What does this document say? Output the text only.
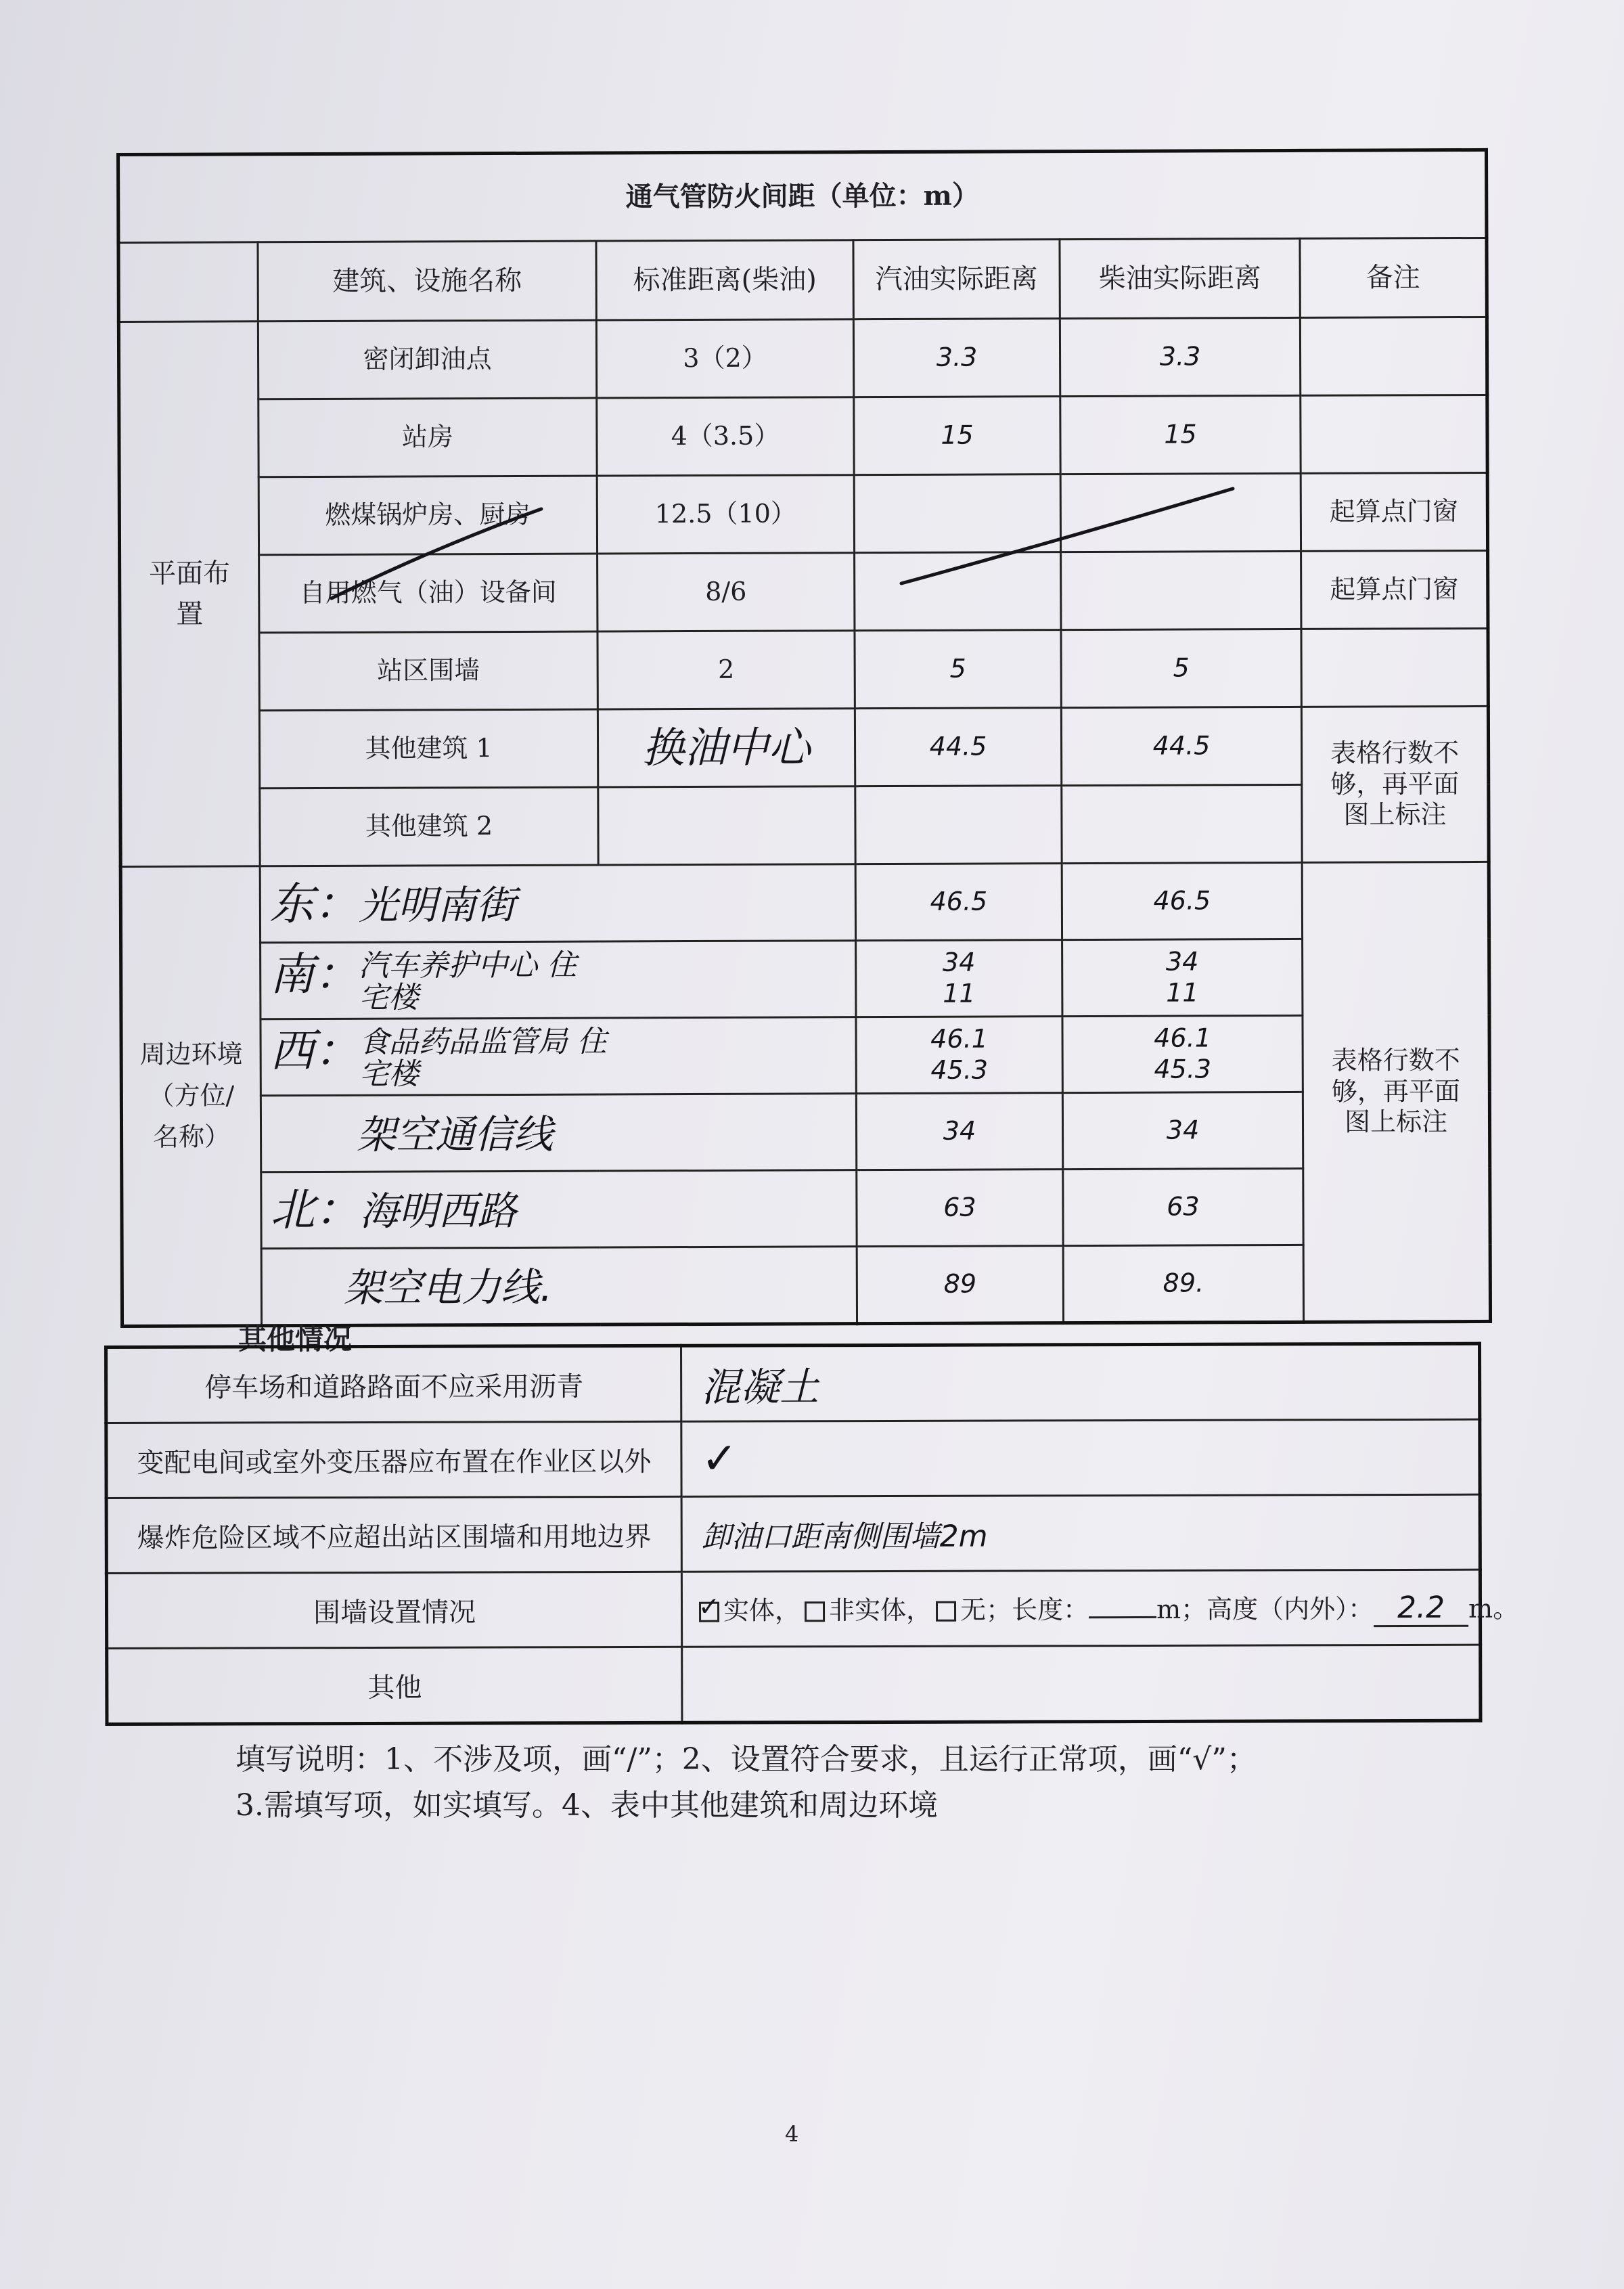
通气管防火间距（单位：m）					
	建筑、设施名称	标准距离(柴油)	汽油实际距离	柴油实际距离	备注
平面布置	密闭卸油点	3（2）	3.3	3.3	
	站房	4（3.5）	15	15	
	燃煤锅炉房、厨房	12.5（10）			起算点门窗
	自用燃气（油）设备间	8/6			起算点门窗
	站区围墙	2	5	5	
	其他建筑 1	换油中心	44.5	44.5	表格行数不够，再平面图上标注
	其他建筑 2				
周边环境（方位/名称）	东：光明南街		46.5	46.5	表格行数不够，再平面图上标注
	南：汽车养护中心 住宅楼		34 11	34 11	
	西：食品药品监管局 住宅楼		46.1 45.3	46.1 45.3	
	架空通信线		34	34	
	北：海明西路		63	63	
	架空电力线.		89	89.	
其他情况
停车场和道路路面不应采用沥青	混凝土
变配电间或室外变压器应布置在作业区以外	✓
爆炸危险区域不应超出站区围墙和用地边界	卸油口距南侧围墙2m
围墙设置情况	✓ 实体， 非实体， 无；长度： m；高度（内外）： 2.2 m。
其他	
填写说明：1、不涉及项，画“/”；2、设置符合要求，且运行正常项，画“√”；
3.需填写项，如实填写。4、表中其他建筑和周边环境
4
